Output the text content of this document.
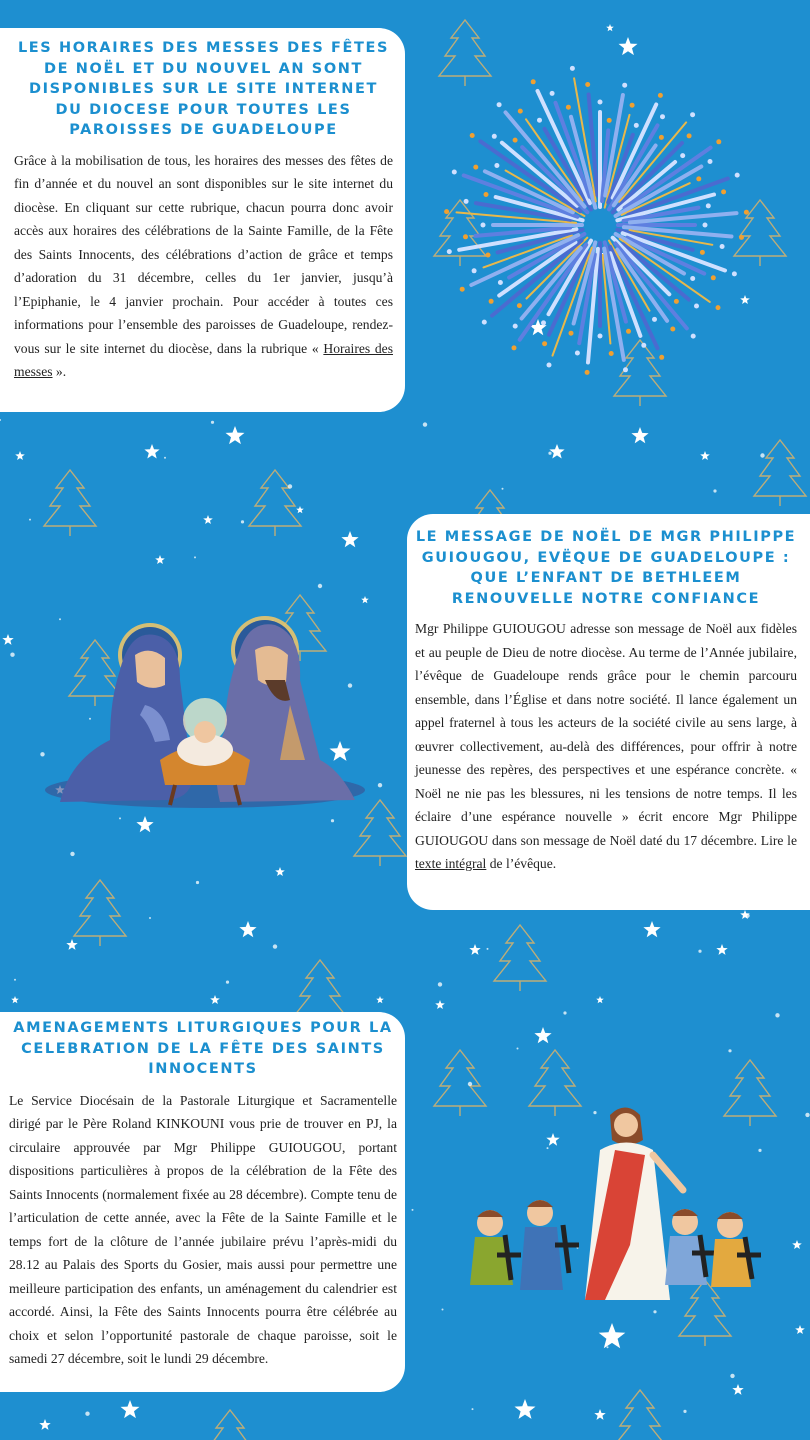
LES HORAIRES DES MESSES DES FÊTES DE NOËL ET DU NOUVEL AN SONT DISPONIBLES SUR LE SITE INTERNET DU DIOCESE POUR TOUTES LES PAROISSES DE GUADELOUPE

Grâce à la mobilisation de tous, les horaires des messes des fêtes de fin d’année et du nouvel an sont disponibles sur le site internet du diocèse. En cliquant sur cette rubrique, chacun pourra donc avoir accès aux horaires des célébrations de la Sainte Famille, de la Fête des Saints Innocents, des célébrations d’action de grâce et temps d’adoration du 31 décembre, celles du 1er janvier, jusqu’à l’Epiphanie, le 4 janvier prochain. Pour accéder à toutes ces informations pour l’ensemble des paroisses de Guadeloupe, rendez-vous sur le site internet du diocèse, dans la rubrique « Horaires des messes ».

LE MESSAGE DE NOËL DE MGR PHILIPPE GUIOUGOU, EVËQUE DE GUADELOUPE : QUE L’ENFANT DE BETHLEEM RENOUVELLE NOTRE CONFIANCE

Mgr Philippe GUIOUGOU adresse son message de Noël aux fidèles et au peuple de Dieu de notre diocèse. Au terme de l’Année jubilaire, l’évêque de Guadeloupe rends grâce pour le chemin parcouru ensemble, dans l’Église et dans notre société. Il lance également un appel fraternel à tous les acteurs de la société civile au sens large, à œuvrer collectivement, au-delà des différences, pour offrir à notre jeunesse des repères, des perspectives et une espérance concrète. « Noël ne nie pas les blessures, ni les tensions de notre temps. Il les éclaire d’une espérance nouvelle » écrit encore Mgr Philippe GUIOUGOU dans son message de Noël daté du 17 décembre. Lire le texte intégral de l’évêque.

AMENAGEMENTS LITURGIQUES POUR LA CELEBRATION DE LA FÊTE DES SAINTS INNOCENTS

Le Service Diocésain de la Pastorale Liturgique et Sacramentelle dirigé par le Père Roland KINKOUNI vous prie de trouver en PJ, la circulaire approuvée par Mgr Philippe GUIOUGOU, portant dispositions particulières à propos de la célébration de la Fête des Saints Innocents (normalement fixée au 28 décembre). Compte tenu de l’articulation de cette année, avec la Fête de la Sainte Famille et le temps fort de la clôture de l’année jubilaire prévu l’après-midi du 28.12 au Palais des Sports du Gosier, mais aussi pour permettre une meilleure participation des enfants, un aménagement du calendrier est accordé. Ainsi, la Fête des Saints Innocents pourra être célébrée au choix et selon l’opportunité pastorale de chaque paroisse, soit le samedi 27 décembre, soit le lundi 29 décembre.
